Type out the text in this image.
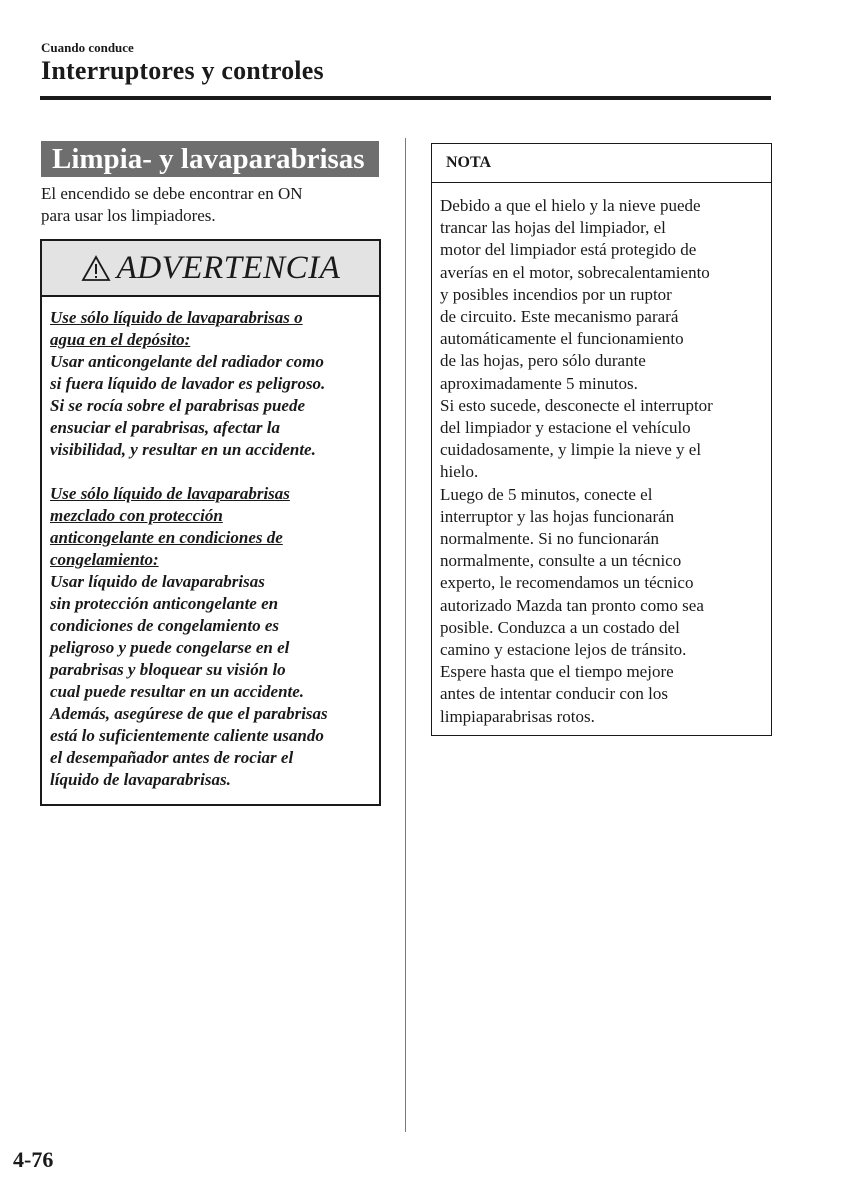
Cuando conduce
Interruptores y controles
Limpia- y lavaparabrisas
El encendido se debe encontrar en ON
para usar los limpiadores.
ADVERTENCIA

Use sólo líquido de lavaparabrisas o

agua en el depósito:

Usar anticongelante del radiador como

si fuera líquido de lavador es peligroso.

Si se rocía sobre el parabrisas puede

ensuciar el parabrisas, afectar la

visibilidad, y resultar en un accidente.

Use sólo líquido de lavaparabrisas

mezclado con protección

anticongelante en condiciones de

congelamiento:

Usar líquido de lavaparabrisas

sin protección anticongelante en

condiciones de congelamiento es

peligroso y puede congelarse en el

parabrisas y bloquear su visión lo

cual puede resultar en un accidente.

Además, asegúrese de que el parabrisas

está lo suficientemente caliente usando

el desempañador antes de rociar el

líquido de lavaparabrisas.

NOTA

Debido a que el hielo y la nieve puede

trancar las hojas del limpiador, el

motor del limpiador está protegido de

averías en el motor, sobrecalentamiento

y posibles incendios por un ruptor

de circuito. Este mecanismo parará

automáticamente el funcionamiento

de las hojas, pero sólo durante

aproximadamente 5 minutos.

Si esto sucede, desconecte el interruptor

del limpiador y estacione el vehículo

cuidadosamente, y limpie la nieve y el

hielo.

Luego de 5 minutos, conecte el

interruptor y las hojas funcionarán

normalmente. Si no funcionarán

normalmente, consulte a un técnico

experto, le recomendamos un técnico

autorizado Mazda tan pronto como sea

posible. Conduzca a un costado del

camino y estacione lejos de tránsito.

Espere hasta que el tiempo mejore

antes de intentar conducir con los

limpiaparabrisas rotos.

4-76
